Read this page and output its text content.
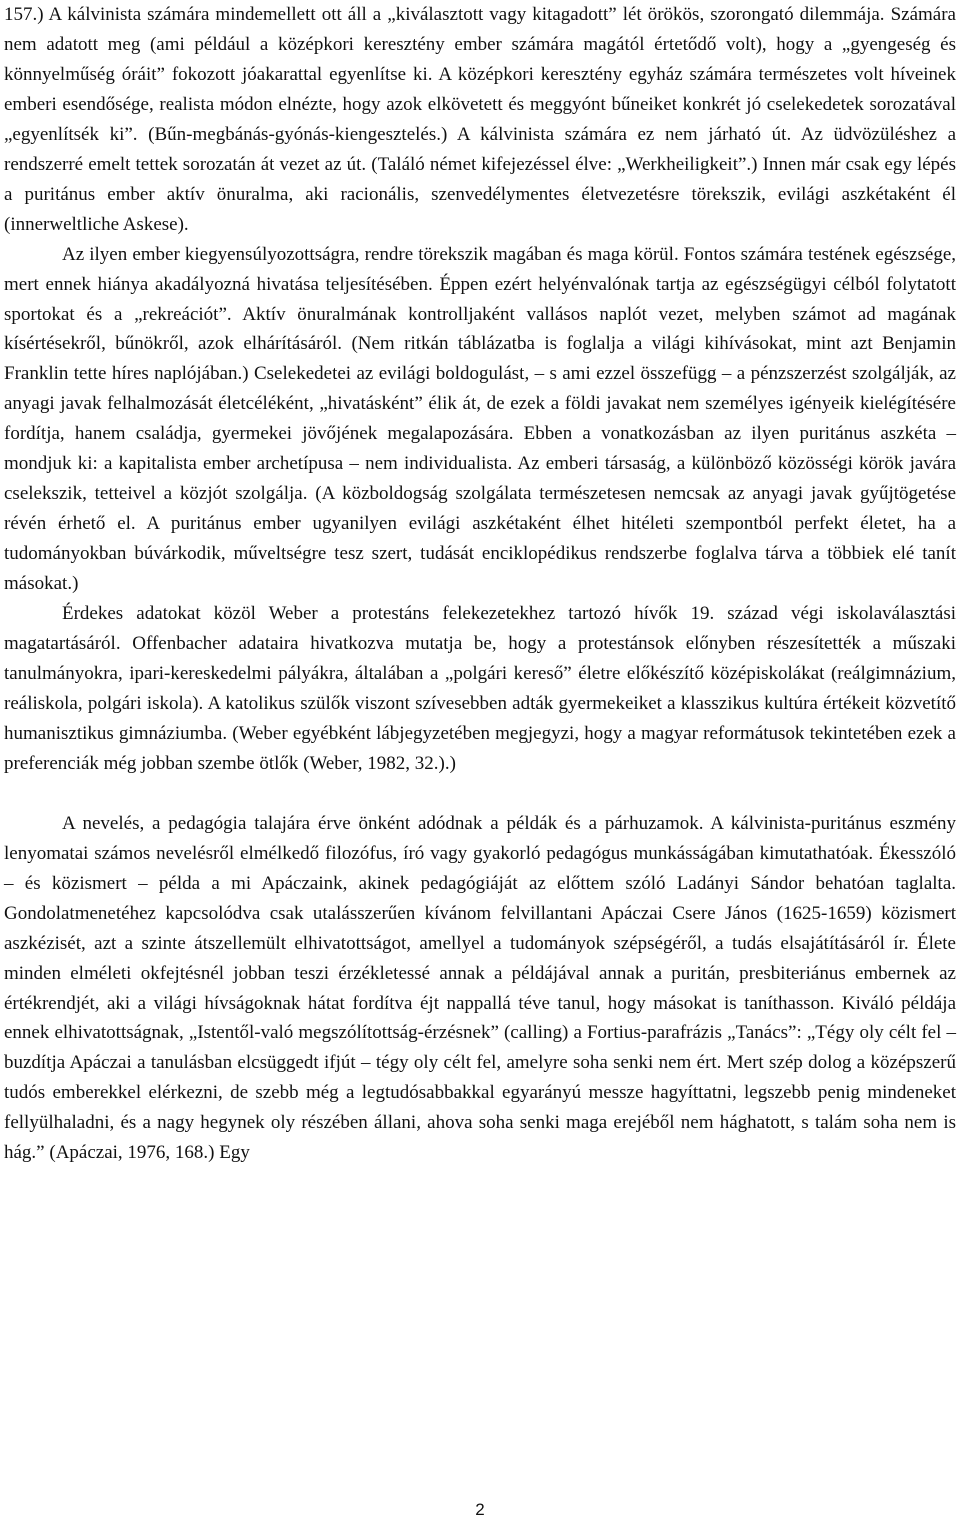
157.) A kálvinista számára mindemellett ott áll a „kiválasztott vagy kitagadott” lét örökös, szorongató dilemmája. Számára nem adatott meg (ami például a középkori keresztény ember számára magától értetődő volt), hogy a „gyengeség és könnyelműség óráit” fokozott jóakarattal egyenlítse ki. A középkori keresztény egyház számára természetes volt híveinek emberi esendősége, realista módon elnézte, hogy azok elkövetett és meggyónt bűneiket konkrét jó cselekedetek sorozatával „egyenlítsék ki”. (Bűn-megbánás-gyónás-kiengesztelés.) A kálvinista számára ez nem járható út. Az üdvözüléshez a rendszerré emelt tettek sorozatán át vezet az út. (Találó német kifejezéssel élve: „Werkheiligkeit”.) Innen már csak egy lépés a puritánus ember aktív önuralma, aki racionális, szenvedélymentes életvezetésre törekszik, evilági aszkétaként él (innerweltliche Askese).

Az ilyen ember kiegyensúlyozottságra, rendre törekszik magában és maga körül. Fontos számára testének egészsége, mert ennek hiánya akadályozná hivatása teljesítésében. Éppen ezért helyénvalónak tartja az egészségügyi célból folytatott sportokat és a „rekreációt”. Aktív önuralmának kontrolljaként vallásos naplót vezet, melyben számot ad magának kísértésekről, bűnökről, azok elhárításáról. (Nem ritkán táblázatba is foglalja a világi kihívásokat, mint azt Benjamin Franklin tette híres naplójában.) Cselekedetei az evilági boldogulást, – s ami ezzel összefügg – a pénzszerzést szolgálják, az anyagi javak felhalmozását életcéléként, „hivatásként” élik át, de ezek a földi javakat nem személyes igényeik kielégítésére fordítja, hanem családja, gyermekei jövőjének megalapozására. Ebben a vonatkozásban az ilyen puritánus aszkéta – mondjuk ki: a kapitalista ember archetípusa – nem individualista. Az emberi társaság, a különböző közösségi körök javára cselekszik, tetteivel a közjót szolgálja. (A közboldogság szolgálata természetesen nemcsak az anyagi javak gyűjtögetése révén érhető el. A puritánus ember ugyanilyen evilági aszkétaként élhet hitéleti szempontból perfekt életet, ha a tudományokban búvárkodik, műveltségre tesz szert, tudását enciklopédikus rendszerbe foglalva tárva a többiek elé tanít másokat.)

Érdekes adatokat közöl Weber a protestáns felekezetekhez tartozó hívők 19. század végi iskolaválasztási magatartásáról. Offenbacher adataira hivatkozva mutatja be, hogy a protestánsok előnyben részesítették a műszaki tanulmányokra, ipari-kereskedelmi pályákra, általában a „polgári kereső” életre előkészítő középiskolákat (reálgimnázium, reáliskola, polgári iskola). A katolikus szülők viszont szívesebben adták gyermekeiket a klasszikus kultúra értékeit közvetítő humanisztikus gimnáziumba. (Weber egyébként lábjegyzetében megjegyzi, hogy a magyar reformátusok tekintetében ezek a preferenciák még jobban szembe ötlők (Weber, 1982, 32.).)

A nevelés, a pedagógia talajára érve önként adódnak a példák és a párhuzamok. A kálvinista-puritánus eszmény lenyomatai számos nevelésről elmélkedő filozófus, író vagy gyakorló pedagógus munkásságában kimutathatóak. Ékesszóló – és közismert – példa a mi Apáczaink, akinek pedagógiáját az előttem szóló Ladányi Sándor behatóan taglalta. Gondolatmenetéhez kapcsolódva csak utalásszerűen kívánom felvillantani Apáczai Csere János (1625-1659) közismert aszkézisét, azt a szinte átszellemült elhivatottságot, amellyel a tudományok szépségéről, a tudás elsajátításáról ír. Élete minden elméleti okfejtésnél jobban teszi érzékletessé annak a példájával annak a puritán, presbiteriánus embernek az értékrendjét, aki a világi hívságoknak hátat fordítva éjt nappallá téve tanul, hogy másokat is taníthasson. Kiváló példája ennek elhivatottságnak, „Istentől-való megszólítottság-érzésnek” (calling) a Fortius-parafrázis „Tanács”: „Tégy oly célt fel – buzdítja Apáczai a tanulásban elcsüggedt ifjút – tégy oly célt fel, amelyre soha senki nem ért. Mert szép dolog a középszerű tudós emberekkel elérkezni, de szebb még a legtudósabbakkal egyarányú messze hagyíttatni, legszebb penig mindeneket fellyülhaladni, és a nagy hegynek oly részében állani, ahova soha senki maga erejéből nem hághatott, s talám soha nem is hág.” (Apáczai, 1976, 168.) Egy

2
